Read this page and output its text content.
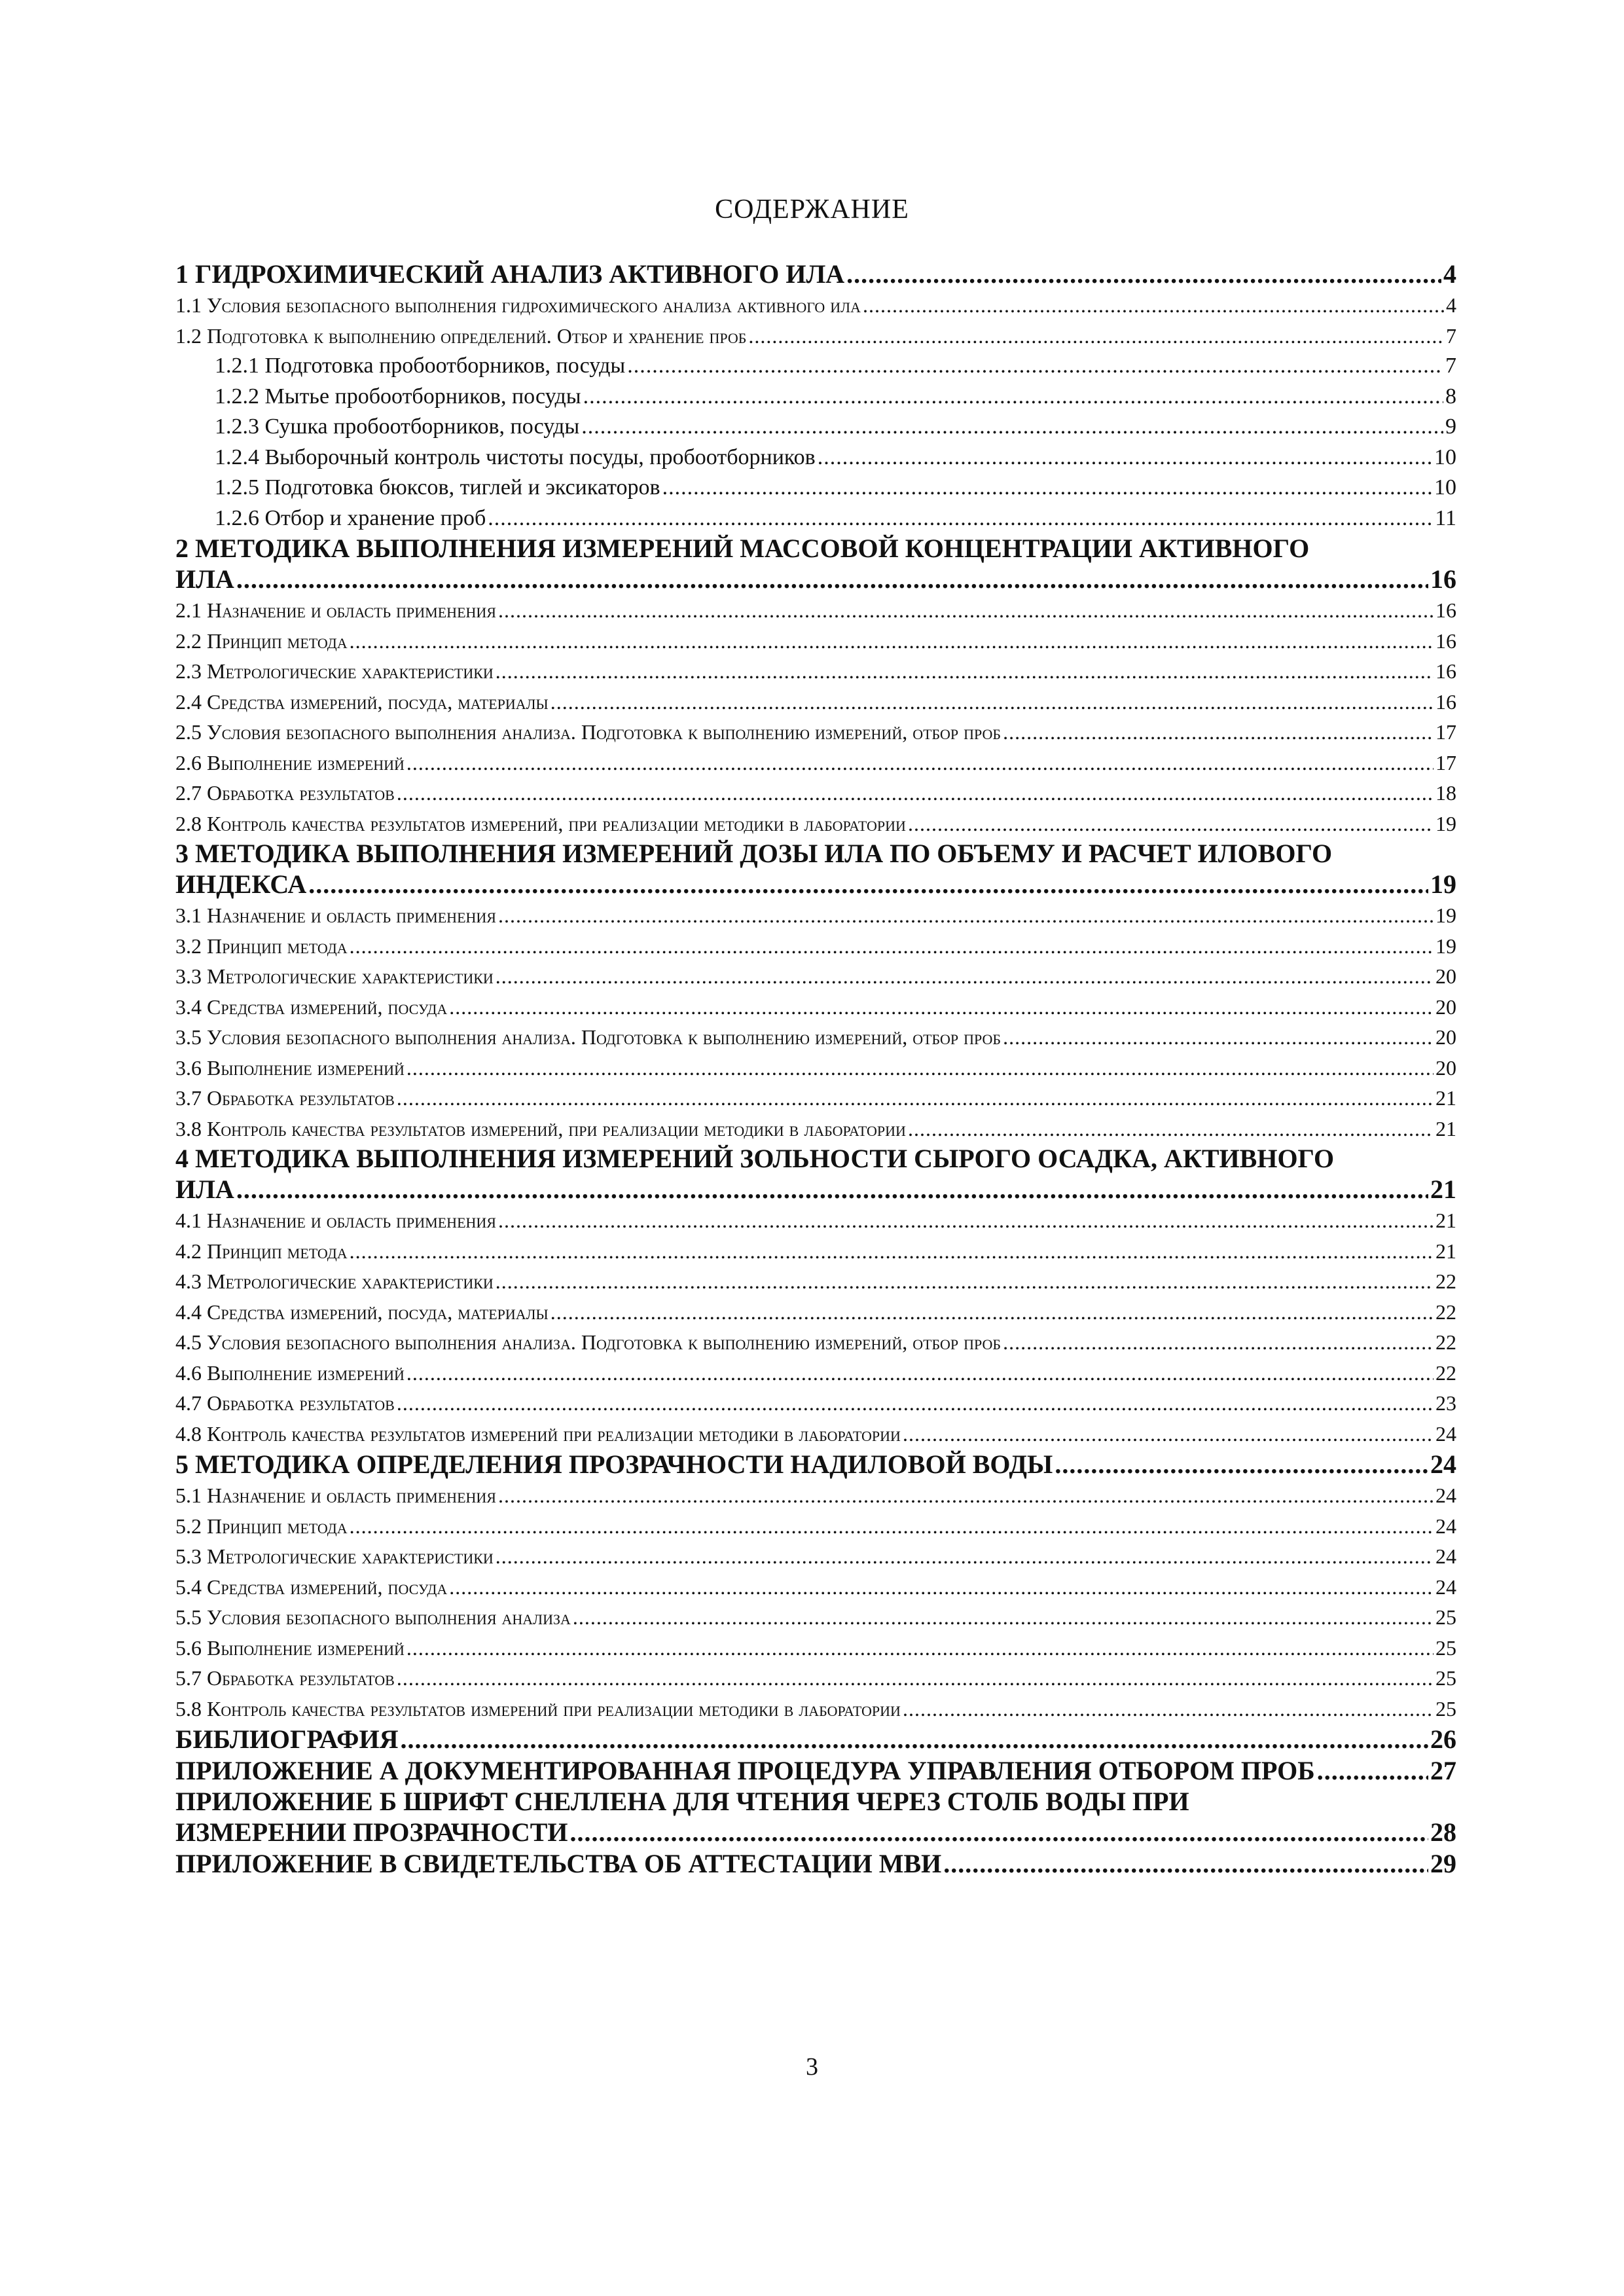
СОДЕРЖАНИЕ
1 ГИДРОХИМИЧЕСКИЙ АНАЛИЗ АКТИВНОГО ИЛА .....	4
1.1 Условия безопасного выполнения гидрохимического анализа активного ила .....	4
1.2 Подготовка к выполнению определений. Отбор и хранение проб .....	7
1.2.1 Подготовка пробоотборников, посуды .....	7
1.2.2 Мытье пробоотборников, посуды .....	8
1.2.3 Сушка пробоотборников, посуды .....	9
1.2.4 Выборочный контроль чистоты посуды, пробоотборников .....	10
1.2.5 Подготовка бюксов, тиглей и эксикаторов .....	10
1.2.6 Отбор и хранение проб .....	11
2 МЕТОДИКА ВЫПОЛНЕНИЯ ИЗМЕРЕНИЙ МАССОВОЙ КОНЦЕНТРАЦИИ АКТИВНОГО
ИЛА .....	16
2.1 Назначение и область применения .....	16
2.2 Принцип метода .....	16
2.3 Метрологические характеристики .....	16
2.4 Средства измерений, посуда, материалы .....	16
2.5 Условия безопасного выполнения анализа. Подготовка к выполнению измерений, отбор проб .....	17
2.6 Выполнение измерений .....	17
2.7 Обработка результатов .....	18
2.8 Контроль качества результатов измерений, при реализации методики в лаборатории .....	19
3 МЕТОДИКА ВЫПОЛНЕНИЯ ИЗМЕРЕНИЙ ДОЗЫ ИЛА ПО ОБЪЕМУ И РАСЧЕТ ИЛОВОГО
ИНДЕКСА .....	19
3.1 Назначение и область применения .....	19
3.2 Принцип метода .....	19
3.3 Метрологические характеристики .....	20
3.4 Средства измерений, посуда .....	20
3.5 Условия безопасного выполнения анализа. Подготовка к выполнению измерений, отбор проб .....	20
3.6 Выполнение измерений .....	20
3.7 Обработка результатов .....	21
3.8 Контроль качества результатов измерений, при реализации методики в лаборатории .....	21
4 МЕТОДИКА ВЫПОЛНЕНИЯ ИЗМЕРЕНИЙ ЗОЛЬНОСТИ СЫРОГО ОСАДКА, АКТИВНОГО
ИЛА .....	21
4.1 Назначение и область применения .....	21
4.2 Принцип метода .....	21
4.3 Метрологические характеристики .....	22
4.4 Средства измерений, посуда, материалы .....	22
4.5 Условия безопасного выполнения анализа. Подготовка к выполнению измерений, отбор проб .....	22
4.6 Выполнение измерений .....	22
4.7 Обработка результатов .....	23
4.8 Контроль качества результатов измерений при реализации методики в лаборатории .....	24
5 МЕТОДИКА ОПРЕДЕЛЕНИЯ ПРОЗРАЧНОСТИ НАДИЛОВОЙ ВОДЫ .....	24
5.1 Назначение и область применения .....	24
5.2 Принцип метода .....	24
5.3 Метрологические характеристики .....	24
5.4 Средства измерений, посуда .....	24
5.5 Условия безопасного выполнения анализа .....	25
5.6 Выполнение измерений .....	25
5.7 Обработка результатов .....	25
5.8 Контроль качества результатов измерений при реализации методики в лаборатории .....	25
БИБЛИОГРАФИЯ .....	26
ПРИЛОЖЕНИЕ А ДОКУМЕНТИРОВАННАЯ ПРОЦЕДУРА УПРАВЛЕНИЯ ОТБОРОМ ПРОБ .....	27
ПРИЛОЖЕНИЕ Б ШРИФТ СНЕЛЛЕНА ДЛЯ ЧТЕНИЯ ЧЕРЕЗ СТОЛБ ВОДЫ ПРИ
ИЗМЕРЕНИИ ПРОЗРАЧНОСТИ .....	28
ПРИЛОЖЕНИЕ В СВИДЕТЕЛЬСТВА ОБ АТТЕСТАЦИИ МВИ .....	29
3
